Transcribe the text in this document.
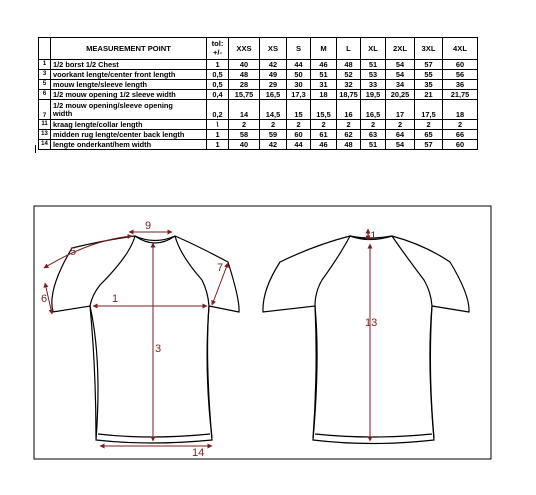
	MEASUREMENT POINT	tol:
+/-	XXS	XS	S	M	L	XL	2XL	3XL	4XL
1	1/2 borst 1/2 Chest	1	40	42	44	46	48	51	54	57	60
3	voorkant lengte/center front length	0,5	48	49	50	51	52	53	54	55	56
5	mouw lengte/sleeve length	0,5	28	29	30	31	32	33	34	35	36
6	1/2 mouw opening 1/2 sleeve width	0,4	15,75	16,5	17,3	18	18,75	19,5	20,25	21	21,75
7	1/2 mouw opening/sleeve opening
width	0,2	14	14,5	15	15,5	16	16,5	17	17,5	18
11	kraag lengte/collar length	\	2	2	2	2	2	2	2	2	2
13	midden rug lengte/center back length	1	58	59	60	61	62	63	64	65	66
14	lengte onderkant/hem width	1	40	42	44	46	48	51	54	57	60
9
5
7
6	1
3
14
11
13
